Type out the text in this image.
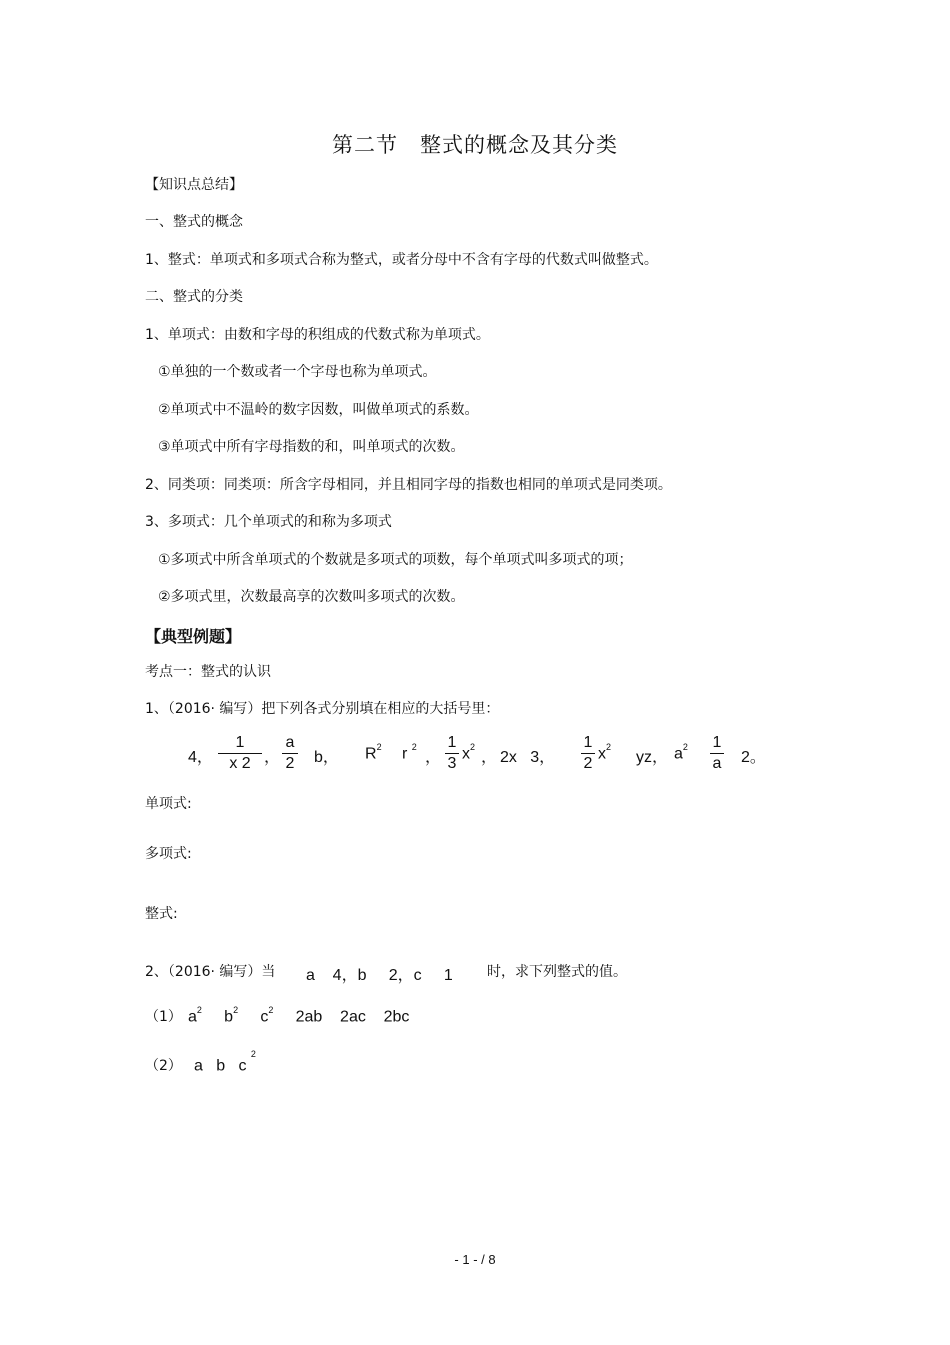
第二节　整式的概念及其分类
【知识点总结】
一、整式的概念
1、整式：单项式和多项式合称为整式，或者分母中不含有字母的代数式叫做整式。
二、整式的分类
1、单项式：由数和字母的积组成的代数式称为单项式。
①单独的一个数或者一个字母也称为单项式。
②单项式中不温岭的数字因数，叫做单项式的系数。
③单项式中所有字母指数的和，叫单项式的次数。
2、同类项：同类项：所含字母相同，并且相同字母的指数也相同的单项式是同类项。
3、多项式：几个单项式的和称为多项式
①多项式中所含单项式的个数就是多项式的项数，每个单项式叫多项式的项；
②多项式里，次数最高享的次数叫多项式的次数。
【典型例题】
考点一：整式的认识
1、（2016· 编写）把下列各式分别填在相应的大括号里：
4，
1
x 2 ，
a
2 b， $R^2$ r $^2$
，
1
3
$x^2$
， 2x   3，
1
2
$x^2$
yz， $a^2$ 1
a 2。
单项式:
多项式:
整式:
2、（2016· 编写）当 a    4，b     2，c     1 时，求下列整式的值。
（1） $a^2$ $b^2$ $c^2$ 2ab    2ac    2bc
（2） a   b   c $^2$
- 1 - / 8
